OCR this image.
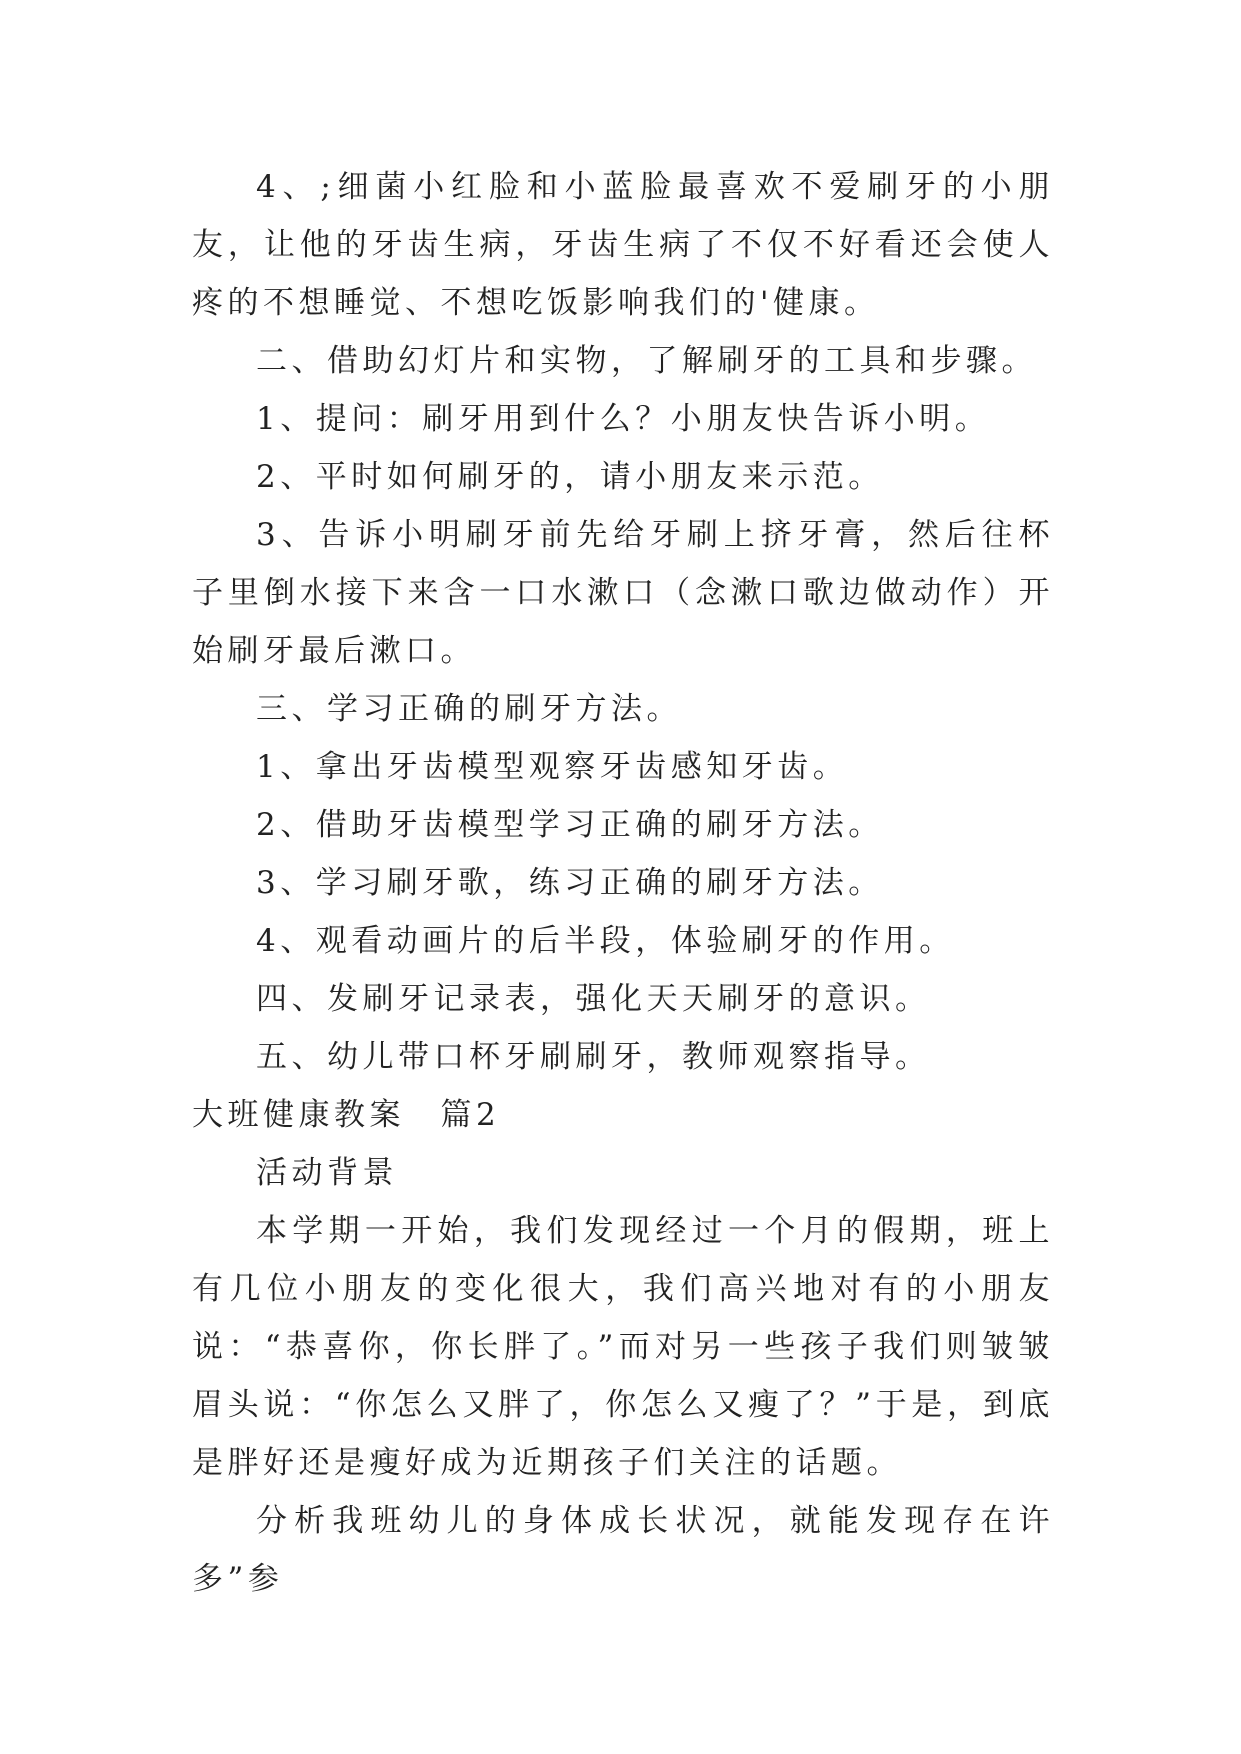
4、;细菌小红脸和小蓝脸最喜欢不爱刷牙的小朋友，让他的牙齿生病，牙齿生病了不仅不好看还会使人疼的不想睡觉、不想吃饭影响我们的'健康。

二、借助幻灯片和实物，了解刷牙的工具和步骤。

1、提问：刷牙用到什么？小朋友快告诉小明。

2、平时如何刷牙的，请小朋友来示范。

3、告诉小明刷牙前先给牙刷上挤牙膏，然后往杯子里倒水接下来含一口水漱口（念漱口歌边做动作）开始刷牙最后漱口。

三、学习正确的刷牙方法。

1、拿出牙齿模型观察牙齿感知牙齿。

2、借助牙齿模型学习正确的刷牙方法。

3、学习刷牙歌，练习正确的刷牙方法。

4、观看动画片的后半段，体验刷牙的作用。

四、发刷牙记录表，强化天天刷牙的意识。

五、幼儿带口杯牙刷刷牙，教师观察指导。

大班健康教案　篇2

活动背景

本学期一开始，我们发现经过一个月的假期，班上有几位小朋友的变化很大，我们高兴地对有的小朋友说：“恭喜你，你长胖了。”而对另一些孩子我们则皱皱眉头说：“你怎么又胖了，你怎么又瘦了？”于是，到底是胖好还是瘦好成为近期孩子们关注的话题。

分析我班幼儿的身体成长状况，就能发现存在许多”参
